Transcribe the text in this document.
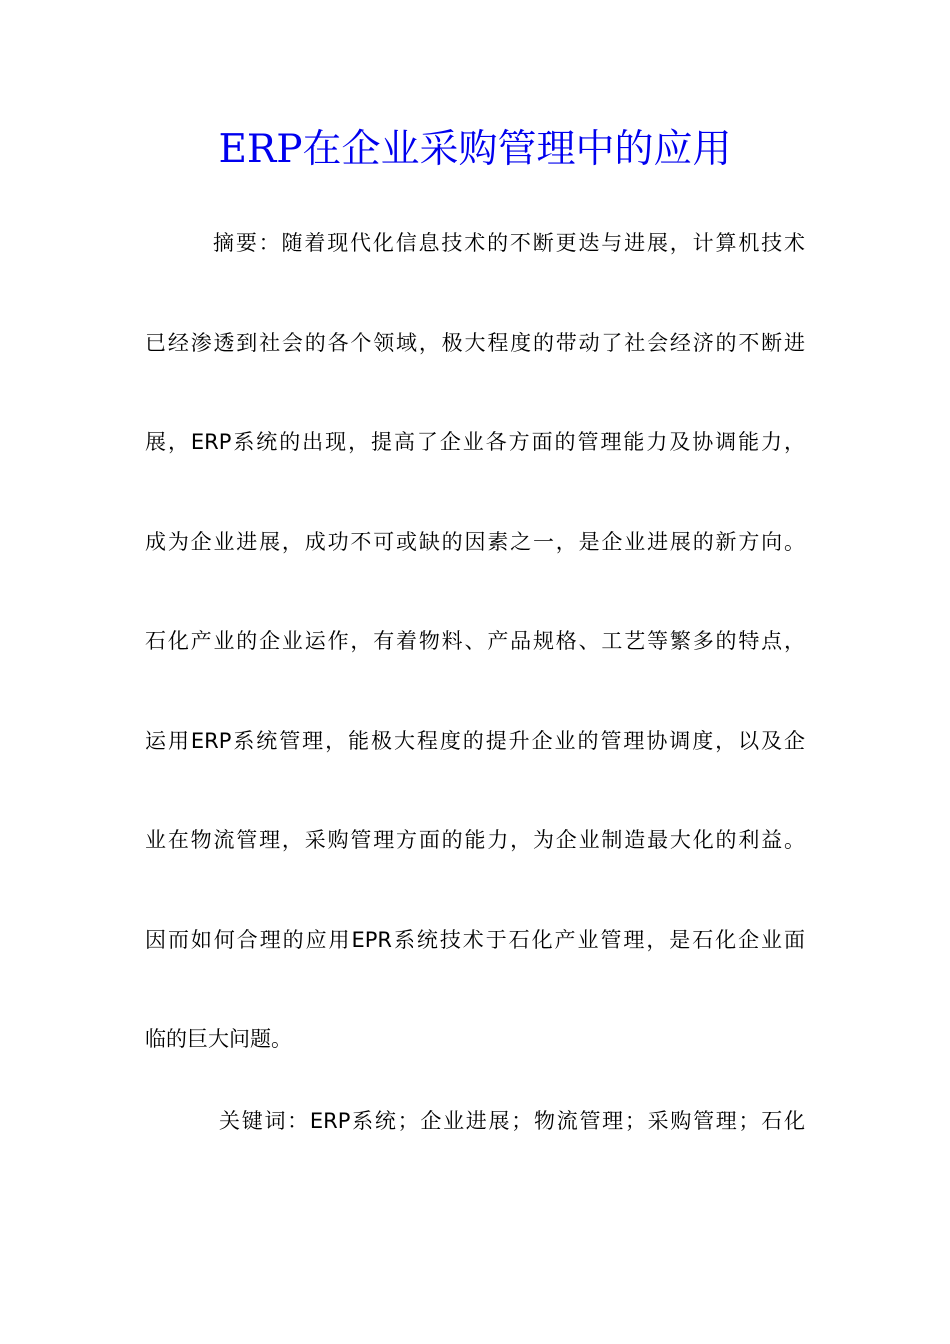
ERP在企业采购管理中的应用

摘要：随着现代化信息技术的不断更迭与进展，计算机技术

已经渗透到社会的各个领域，极大程度的带动了社会经济的不断进

展，ERP系统的出现，提高了企业各方面的管理能力及协调能力，

成为企业进展，成功不可或缺的因素之一，是企业进展的新方向。

石化产业的企业运作，有着物料、产品规格、工艺等繁多的特点，

运用ERP系统管理，能极大程度的提升企业的管理协调度，以及企

业在物流管理，采购管理方面的能力，为企业制造最大化的利益。

因而如何合理的应用EPR系统技术于石化产业管理，是石化企业面

临的巨大问题。

关键词：ERP系统；企业进展；物流管理；采购管理；石化
